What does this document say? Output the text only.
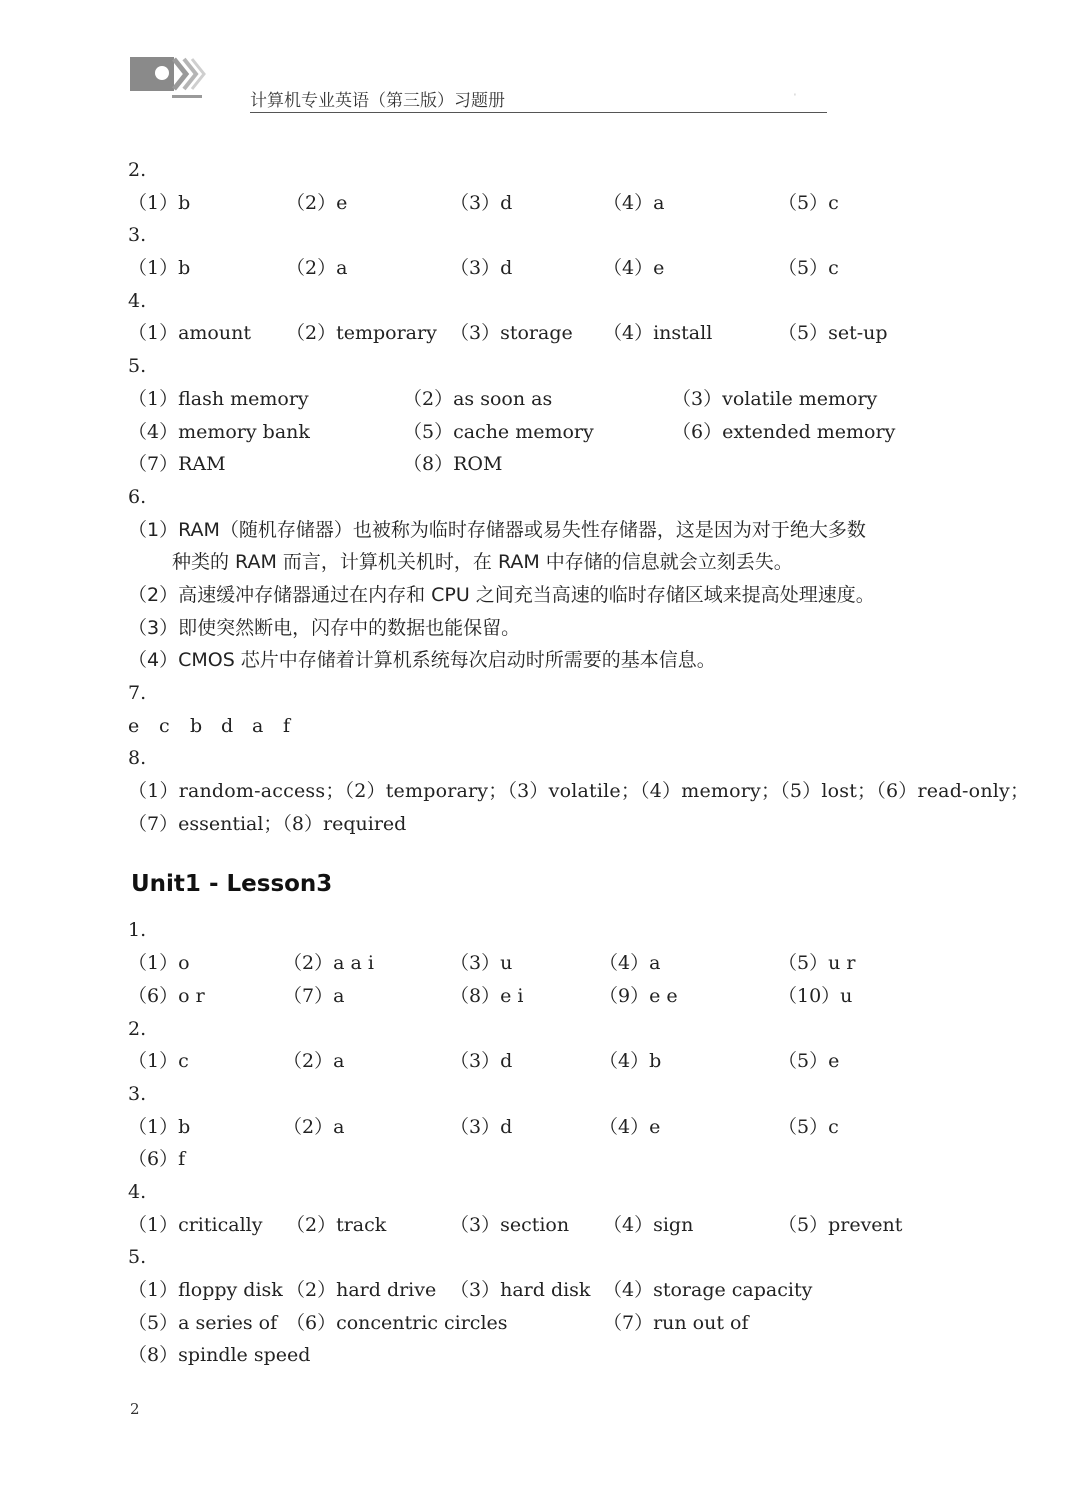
计算机专业英语（第三版）习题册	'
2.
（1）b	（2）e	（3）d	（4）a	（5）c
3.
（1）b	（2）a	（3）d	（4）e	（5）c
4.
（1）amount （2）temporary （3）storage （4）install	（5）set-up
5.
（1）flash memory	（2）as soon as	（3）volatile memory
（4）memory bank	（5）cache memory	（6）extended memory
（7）RAM	（8）ROM
6.
（1）RAM（随机存储器）也被称为临时存储器或易失性存储器，这是因为对于绝大多数
种类的 RAM 而言，计算机关机时，在 RAM 中存储的信息就会立刻丢失。
（2）高速缓冲存储器通过在内存和 CPU 之间充当高速的临时存储区域来提高处理速度。
（3）即使突然断电，闪存中的数据也能保留。
（4）CMOS 芯片中存储着计算机系统每次启动时所需要的基本信息。
7.
e c b d a f
8.
（1）random-access；（2）temporary；（3）volatile；（4）memory；（5）lost；（6）read-only；
（7）essential；（8）required
Unit1 - Lesson3
1.
（1）o	（2）a a i	（3）u	（4）a	（5）u r
（6）o r	（7）a	（8）e i	（9）e e	（10）u
2.
（1）c	（2）a	（3）d	（4）b	（5）e
3.
（1）b	（2）a	（3）d	（4）e	（5）c
（6）f
4.
（1）critically （2）track	（3）section （4）sign	（5）prevent
5.
（1）floppy disk （2）hard drive （3）hard disk （4）storage capacity
（5）a series of （6）concentric circles	（7）run out of
（8）spindle speed
2
